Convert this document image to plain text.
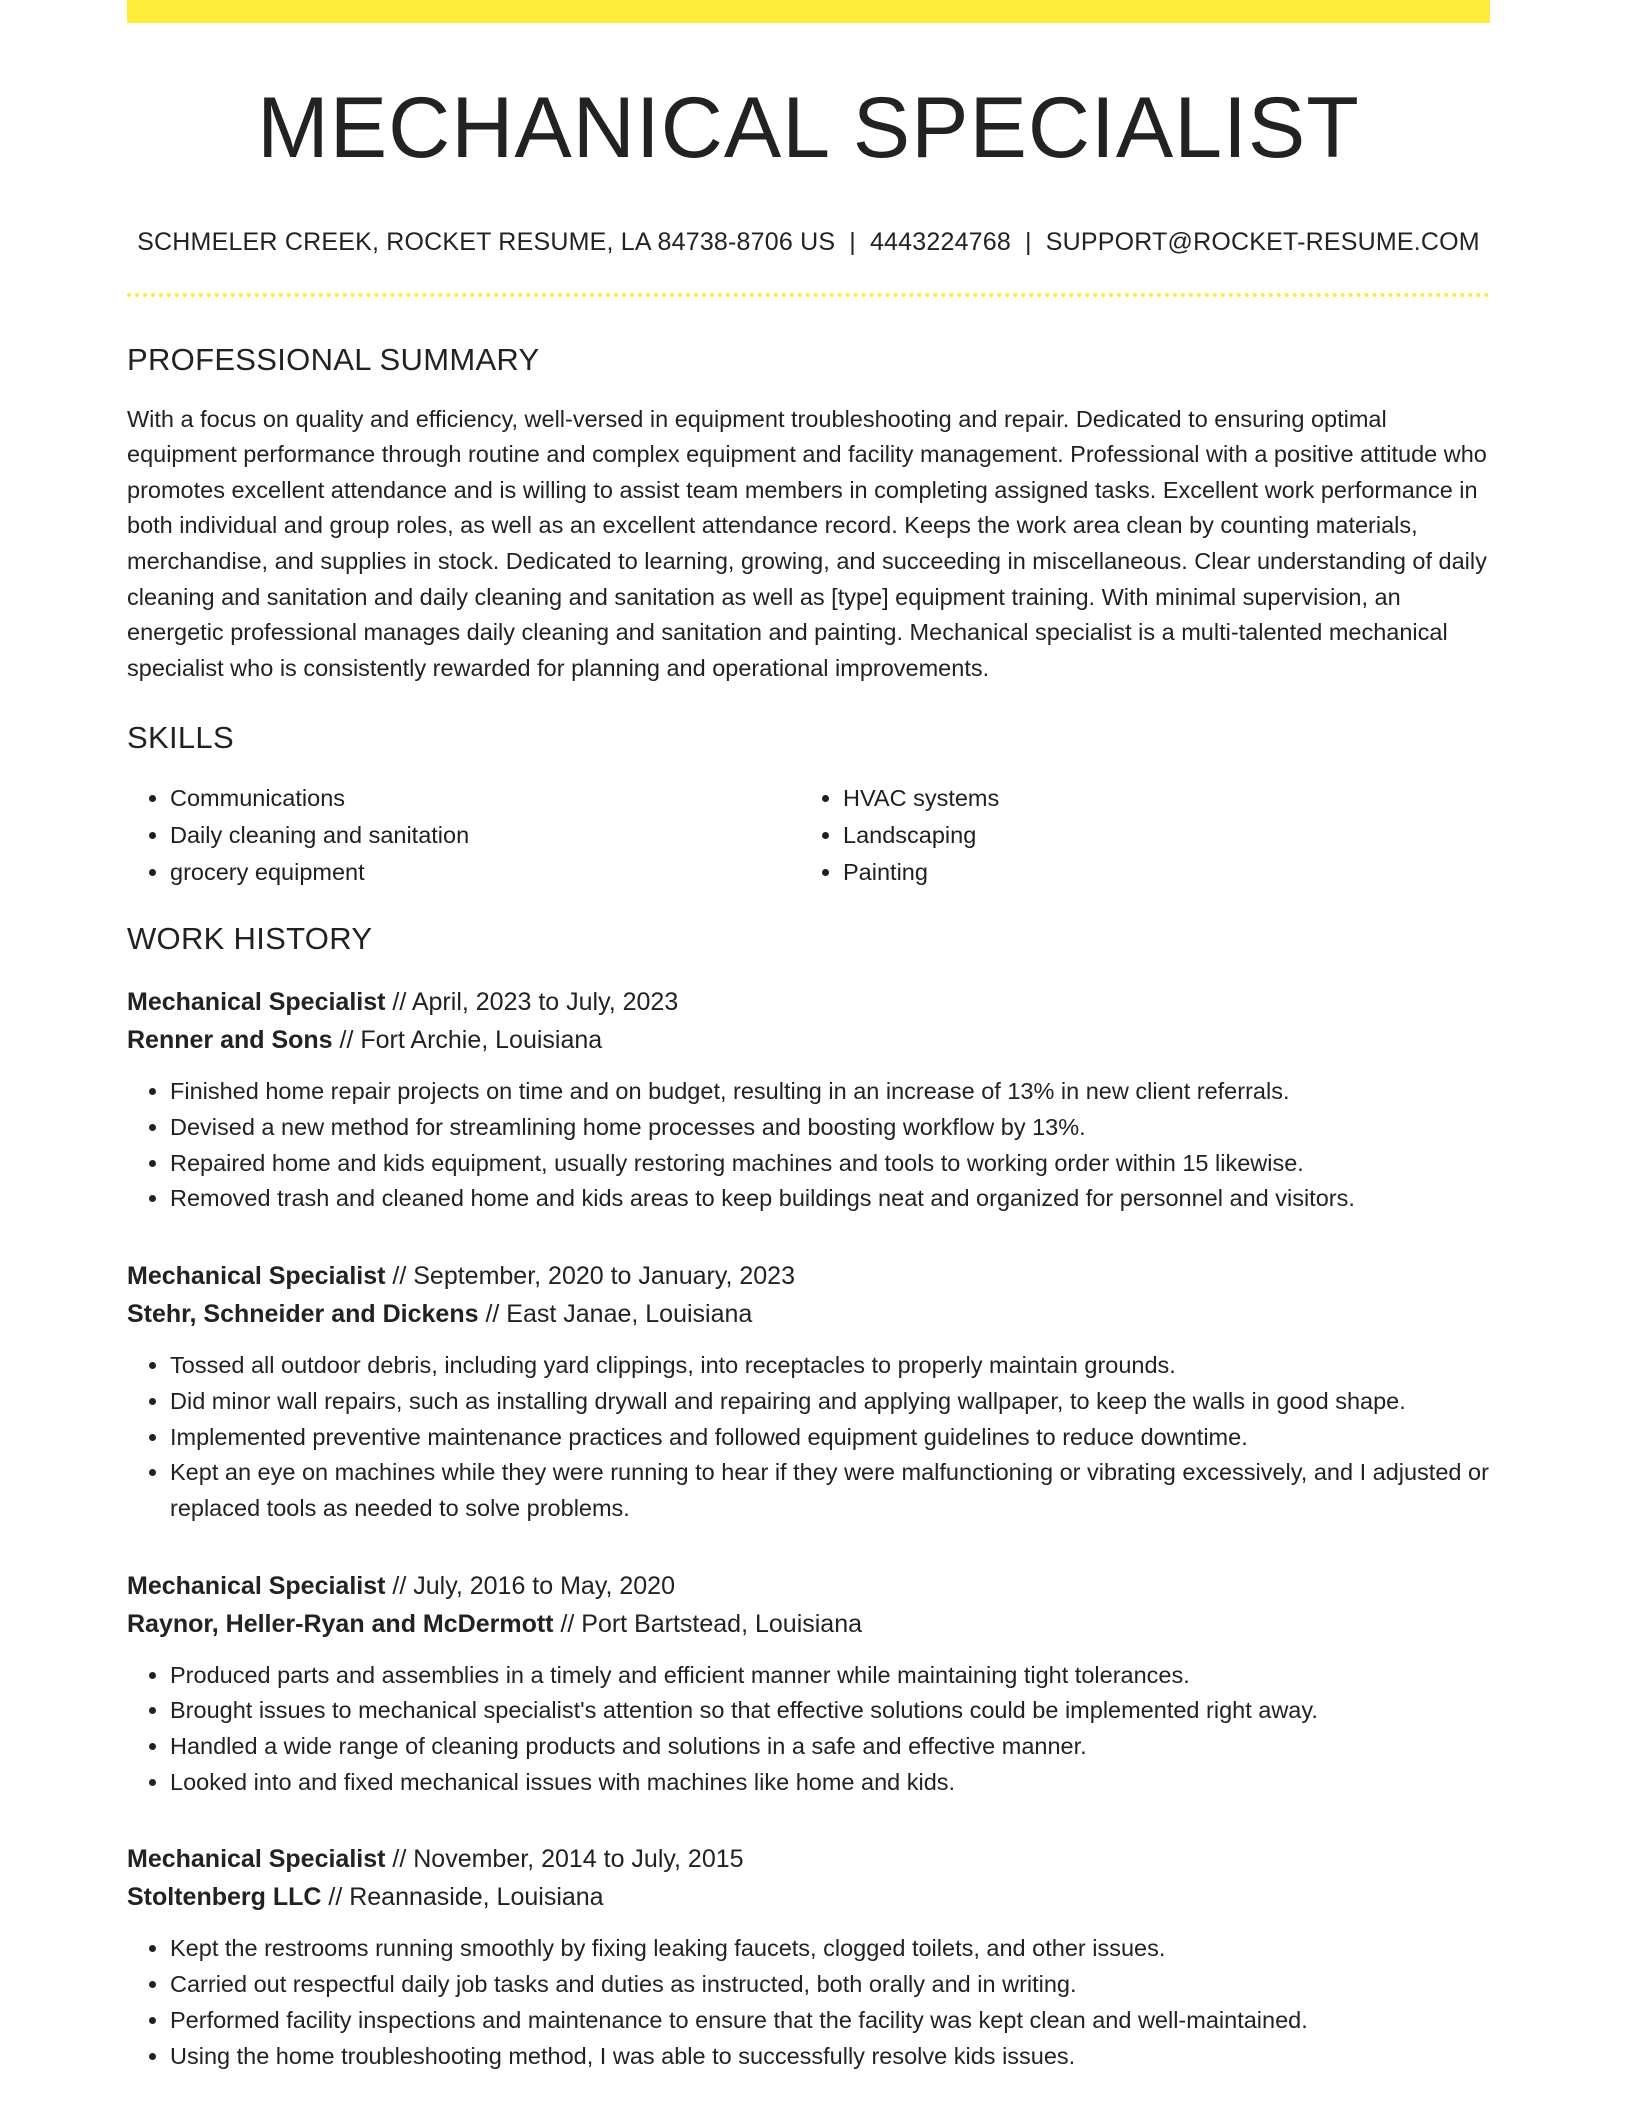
MECHANICAL SPECIALIST
SCHMELER CREEK, ROCKET RESUME, LA 84738-8706 US | 4443224768 | SUPPORT@ROCKET-RESUME.COM
PROFESSIONAL SUMMARY

With a focus on quality and efficiency, well-versed in equipment troubleshooting and repair. Dedicated to ensuring optimal equipment performance through routine and complex equipment and facility management. Professional with a positive attitude who promotes excellent attendance and is willing to assist team members in completing assigned tasks. Excellent work performance in both individual and group roles, as well as an excellent attendance record. Keeps the work area clean by counting materials, merchandise, and supplies in stock. Dedicated to learning, growing, and succeeding in miscellaneous. Clear understanding of daily cleaning and sanitation and daily cleaning and sanitation as well as [type] equipment training. With minimal supervision, an energetic professional manages daily cleaning and sanitation and painting. Mechanical specialist is a multi-talented mechanical specialist who is consistently rewarded for planning and operational improvements.

SKILLS
• Communications
• Daily cleaning and sanitation
• grocery equipment
• HVAC systems
• Landscaping
• Painting
WORK HISTORY
Mechanical Specialist // April, 2023 to July, 2023
Renner and Sons // Fort Archie, Louisiana
• Finished home repair projects on time and on budget, resulting in an increase of 13% in new client referrals.
• Devised a new method for streamlining home processes and boosting workflow by 13%.
• Repaired home and kids equipment, usually restoring machines and tools to working order within 15 likewise.
• Removed trash and cleaned home and kids areas to keep buildings neat and organized for personnel and visitors.
Mechanical Specialist // September, 2020 to January, 2023
Stehr, Schneider and Dickens // East Janae, Louisiana
• Tossed all outdoor debris, including yard clippings, into receptacles to properly maintain grounds.
• Did minor wall repairs, such as installing drywall and repairing and applying wallpaper, to keep the walls in good shape.
• Implemented preventive maintenance practices and followed equipment guidelines to reduce downtime.
• Kept an eye on machines while they were running to hear if they were malfunctioning or vibrating excessively, and I adjusted or replaced tools as needed to solve problems.
Mechanical Specialist // July, 2016 to May, 2020
Raynor, Heller-Ryan and McDermott // Port Bartstead, Louisiana
• Produced parts and assemblies in a timely and efficient manner while maintaining tight tolerances.
• Brought issues to mechanical specialist's attention so that effective solutions could be implemented right away.
• Handled a wide range of cleaning products and solutions in a safe and effective manner.
• Looked into and fixed mechanical issues with machines like home and kids.
Mechanical Specialist // November, 2014 to July, 2015
Stoltenberg LLC // Reannaside, Louisiana
• Kept the restrooms running smoothly by fixing leaking faucets, clogged toilets, and other issues.
• Carried out respectful daily job tasks and duties as instructed, both orally and in writing.
• Performed facility inspections and maintenance to ensure that the facility was kept clean and well-maintained.
• Using the home troubleshooting method, I was able to successfully resolve kids issues.
